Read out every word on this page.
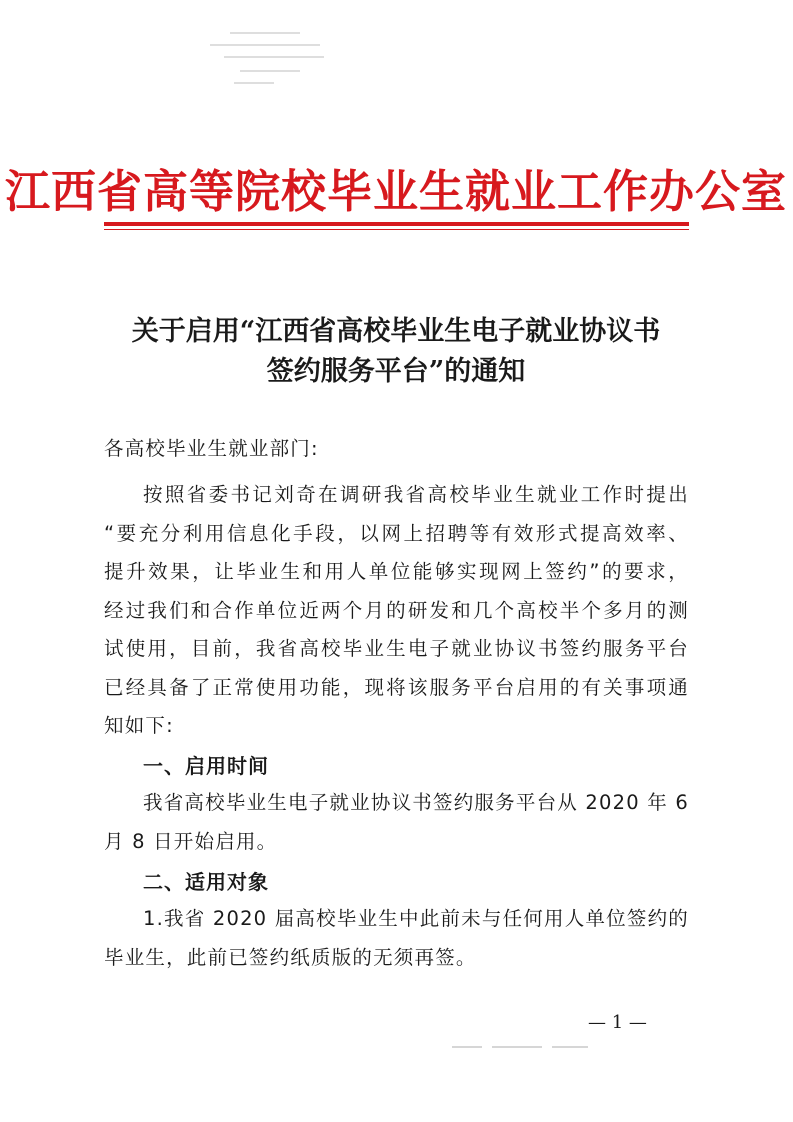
江西省高等院校毕业生就业工作办公室
关于启用“江西省高校毕业生电子就业协议书
签约服务平台”的通知
各高校毕业生就业部门:
按照省委书记刘奇在调研我省高校毕业生就业工作时提出
“要充分利用信息化手段，以网上招聘等有效形式提高效率、
提升效果，让毕业生和用人单位能够实现网上签约”的要求，
经过我们和合作单位近两个月的研发和几个高校半个多月的测
试使用，目前，我省高校毕业生电子就业协议书签约服务平台
已经具备了正常使用功能，现将该服务平台启用的有关事项通
知如下:
一、启用时间
我省高校毕业生电子就业协议书签约服务平台从 2020 年 6
月 8 日开始启用。
二、适用对象
1.我省 2020 届高校毕业生中此前未与任何用人单位签约的
毕业生，此前已签约纸质版的无须再签。
— 1 —
